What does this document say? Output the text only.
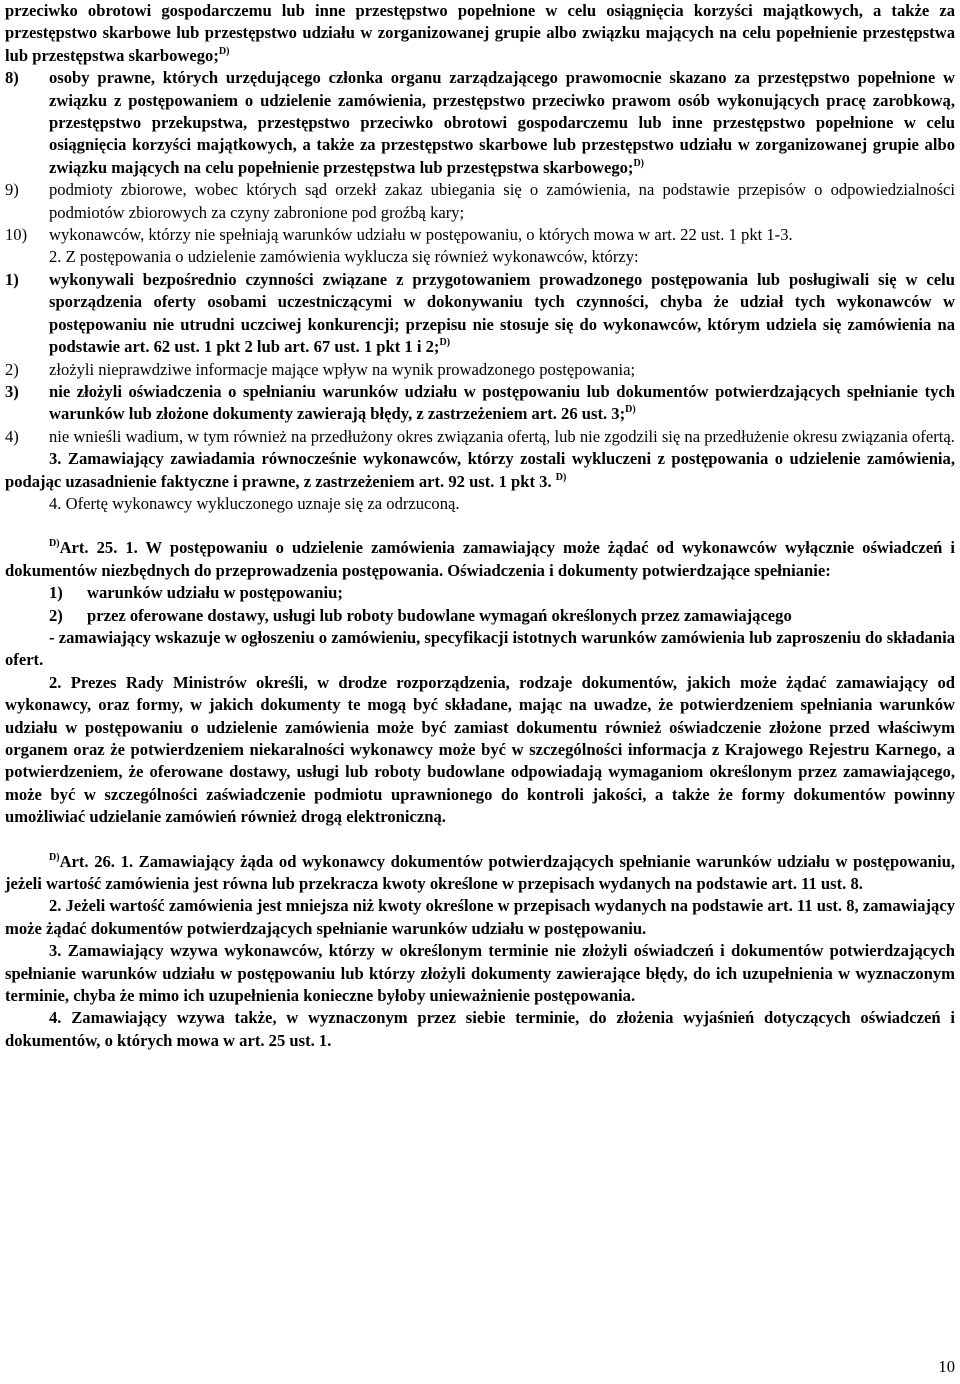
przeciwko obrotowi gospodarczemu lub inne przestępstwo popełnione w celu osiągnięcia korzyści majątkowych, a także za przestępstwo skarbowe lub przestępstwo udziału w zorganizowanej grupie albo związku mających na celu popełnienie przestępstwa lub przestępstwa skarbowego;$^{D)}$

8)	osoby prawne, których urzędującego członka organu zarządzającego prawomocnie skazano za przestępstwo popełnione w związku z postępowaniem o udzielenie zamówienia, przestępstwo przeciwko prawom osób wykonujących pracę zarobkową, przestępstwo przekupstwa, przestępstwo przeciwko obrotowi gospodarczemu lub inne przestępstwo popełnione w celu osiągnięcia korzyści majątkowych, a także za przestępstwo skarbowe lub przestępstwo udziału w zorganizowanej grupie albo związku mających na celu popełnienie przestępstwa lub przestępstwa skarbowego;$^{D)}$
9)	podmioty zbiorowe, wobec których sąd orzekł zakaz ubiegania się o zamówienia, na podstawie przepisów o odpowiedzialności podmiotów zbiorowych za czyny zabronione pod groźbą kary;
10)	wykonawców, którzy nie spełniają warunków udziału w postępowaniu, o których mowa w art. 22 ust. 1 pkt 1-3.

2. Z postępowania o udzielenie zamówienia wyklucza się również wykonawców, którzy:

1)	wykonywali bezpośrednio czynności związane z przygotowaniem prowadzonego postępowania lub posługiwali się w celu sporządzenia oferty osobami uczestniczącymi w dokonywaniu tych czynności, chyba że udział tych wykonawców w postępowaniu nie utrudni uczciwej konkurencji; przepisu nie stosuje się do wykonawców, którym udziela się zamówienia na podstawie art. 62 ust. 1 pkt 2 lub art. 67 ust. 1 pkt 1 i 2;$^{D)}$
2)	złożyli nieprawdziwe informacje mające wpływ na wynik prowadzonego postępowania;
3)	nie złożyli oświadczenia o spełnianiu warunków udziału w postępowaniu lub dokumentów potwierdzających spełnianie tych warunków lub złożone dokumenty zawierają błędy, z zastrzeżeniem art. 26 ust. 3;$^{D)}$
4)	nie wnieśli wadium, w tym również na przedłużony okres związania ofertą, lub nie zgodzili się na przedłużenie okresu związania ofertą.

3. Zamawiający zawiadamia równocześnie wykonawców, którzy zostali wykluczeni z postępowania o udzielenie zamówienia, podając uzasadnienie faktyczne i prawne, z zastrzeżeniem art. 92 ust. 1 pkt 3. $^{D)}$

4. Ofertę wykonawcy wykluczonego uznaje się za odrzuconą.

$^{D)}$Art. 25. 1. W postępowaniu o udzielenie zamówienia zamawiający może żądać od wykonawców wyłącznie oświadczeń i dokumentów niezbędnych do przeprowadzenia postępowania. Oświadczenia i dokumenty potwierdzające spełnianie:

1)	warunków udziału w postępowaniu;
2)	przez oferowane dostawy, usługi lub roboty budowlane wymagań określonych przez zamawiającego

- zamawiający wskazuje w ogłoszeniu o zamówieniu, specyfikacji istotnych warunków zamówienia lub zaproszeniu do składania ofert.

2. Prezes Rady Ministrów określi, w drodze rozporządzenia, rodzaje dokumentów, jakich może żądać zamawiający od wykonawcy, oraz formy, w jakich dokumenty te mogą być składane, mając na uwadze, że potwierdzeniem spełniania warunków udziału w postępowaniu o udzielenie zamówienia może być zamiast dokumentu również oświadczenie złożone przed właściwym organem oraz że potwierdzeniem niekaralności wykonawcy może być w szczególności informacja z Krajowego Rejestru Karnego, a potwierdzeniem, że oferowane dostawy, usługi lub roboty budowlane odpowiadają wymaganiom określonym przez zamawiającego, może być w szczególności zaświadczenie podmiotu uprawnionego do kontroli jakości, a także że formy dokumentów powinny umożliwiać udzielanie zamówień również drogą elektroniczną.

$^{D)}$Art. 26. 1. Zamawiający żąda od wykonawcy dokumentów potwierdzających spełnianie warunków udziału w postępowaniu, jeżeli wartość zamówienia jest równa lub przekracza kwoty określone w przepisach wydanych na podstawie art. 11 ust. 8.

2. Jeżeli wartość zamówienia jest mniejsza niż kwoty określone w przepisach wydanych na podstawie art. 11 ust. 8, zamawiający może żądać dokumentów potwierdzających spełnianie warunków udziału w postępowaniu.

3. Zamawiający wzywa wykonawców, którzy w określonym terminie nie złożyli oświadczeń i dokumentów potwierdzających spełnianie warunków udziału w postępowaniu lub którzy złożyli dokumenty zawierające błędy, do ich uzupełnienia w wyznaczonym terminie, chyba że mimo ich uzupełnienia konieczne byłoby unieważnienie postępowania.

4. Zamawiający wzywa także, w wyznaczonym przez siebie terminie, do złożenia wyjaśnień dotyczących oświadczeń i dokumentów, o których mowa w art. 25 ust. 1.

10
